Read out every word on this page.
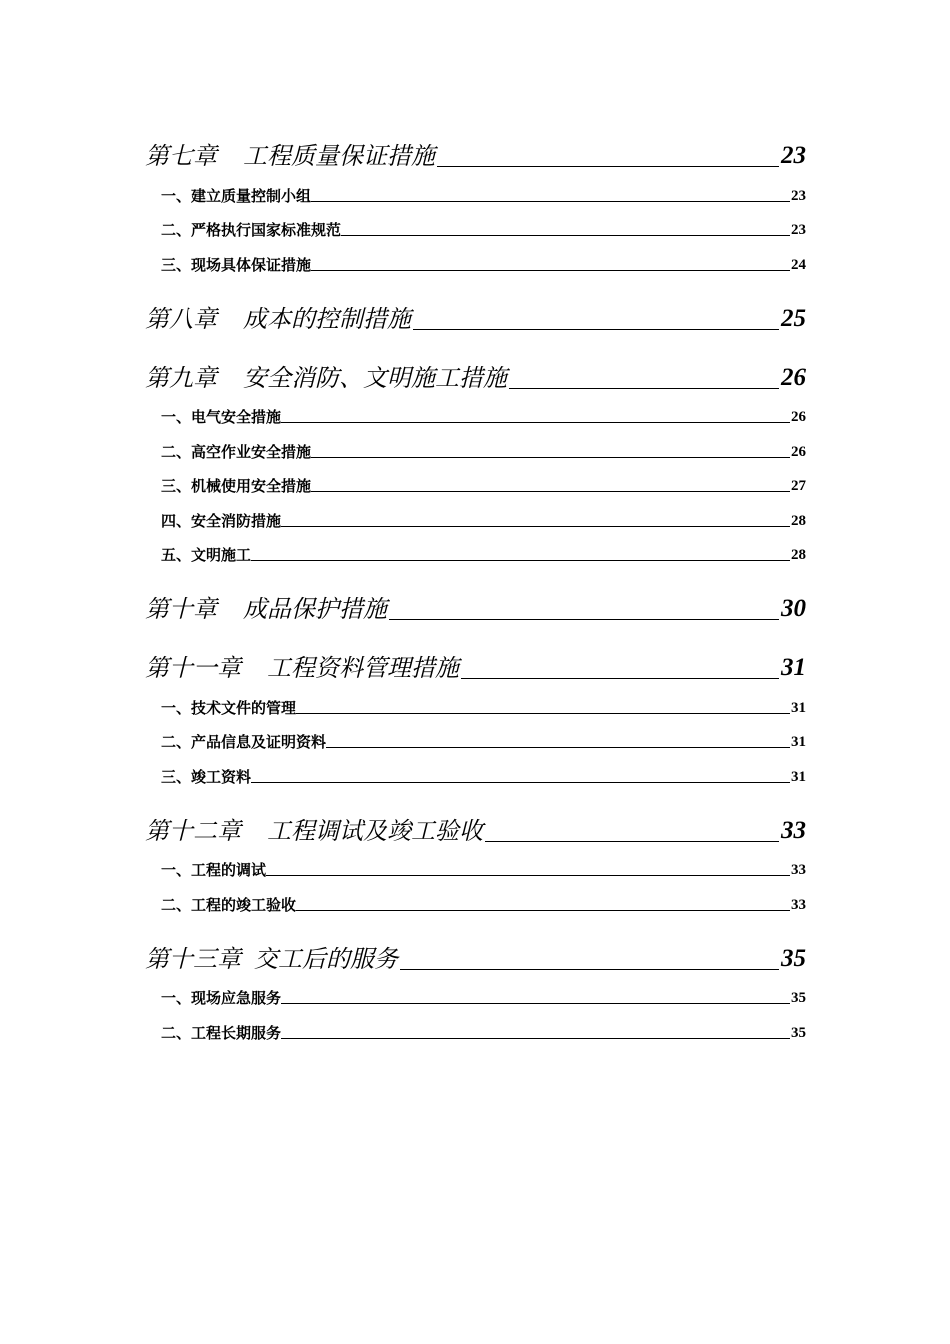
第七章 工程质量保证措施	23
一、建立质量控制小组	23
二、严格执行国家标准规范	23
三、现场具体保证措施	24
第八章 成本的控制措施	25
第九章 安全消防、文明施工措施	26
一、电气安全措施	26
二、高空作业安全措施	26
三、机械使用安全措施	27
四、安全消防措施	28
五、文明施工	28
第十章 成品保护措施	30
第十一章 工程资料管理措施	31
一、技术文件的管理	31
二、产品信息及证明资料	31
三、竣工资料	31
第十二章 工程调试及竣工验收	33
一、工程的调试	33
二、工程的竣工验收	33
第十三章 交工后的服务	35
一、现场应急服务	35
二、工程长期服务	35
